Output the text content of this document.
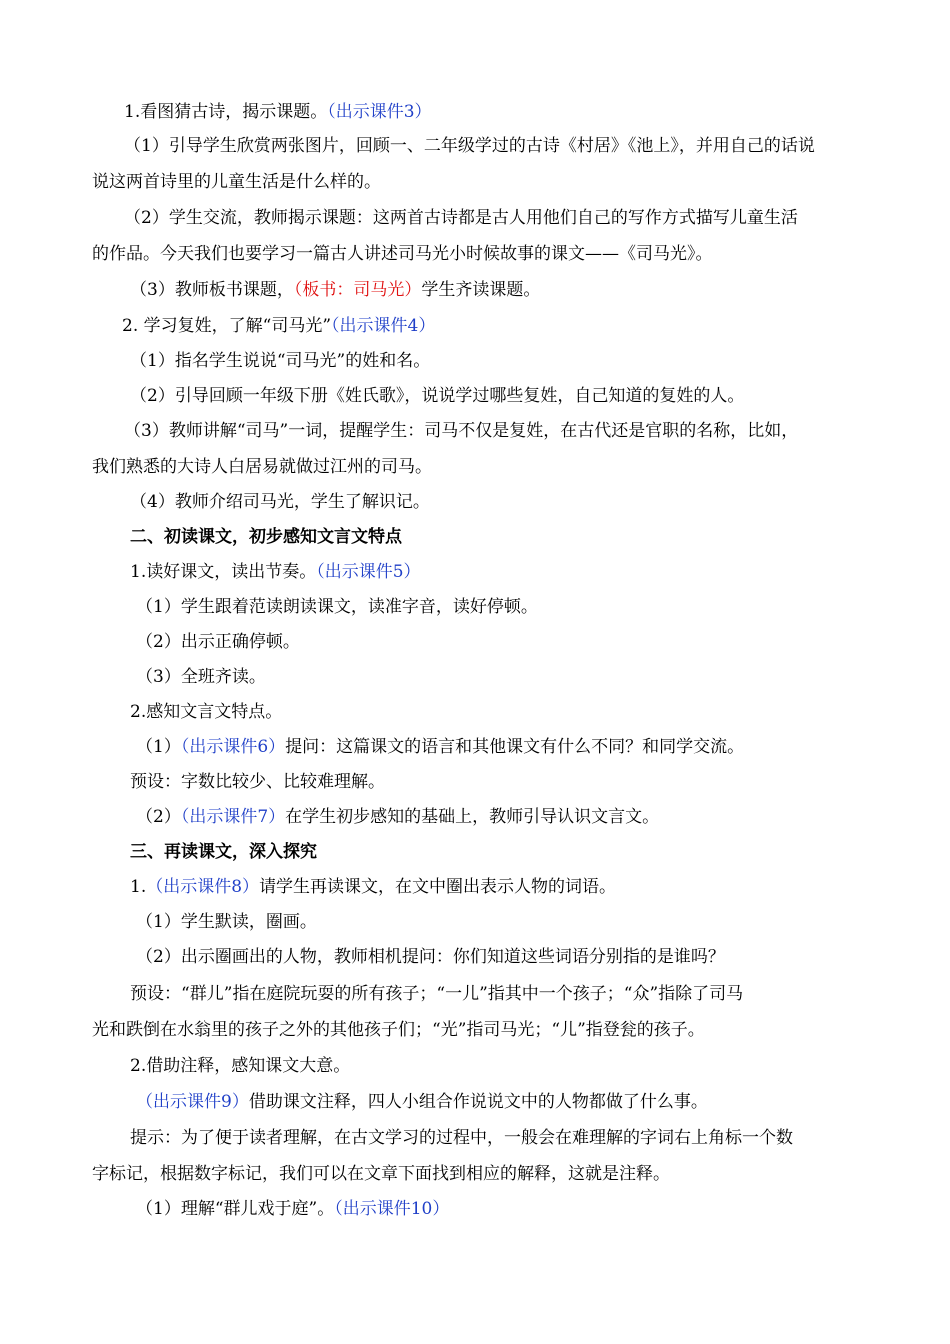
1.看图猜古诗，揭示课题。（出示课件3）
（1）引导学生欣赏两张图片，回顾一、二年级学过的古诗《村居》《池上》，并用自己的话说
说这两首诗里的儿童生活是什么样的。
（2）学生交流，教师揭示课题：这两首古诗都是古人用他们自己的写作方式描写儿童生活
的作品。今天我们也要学习一篇古人讲述司马光小时候故事的课文——《司马光》。
（3）教师板书课题，（板书：司马光）学生齐读课题。
2. 学习复姓，了解“司马光”（出示课件4）
（1）指名学生说说“司马光”的姓和名。
（2）引导回顾一年级下册《姓氏歌》，说说学过哪些复姓，自己知道的复姓的人。
（3）教师讲解“司马”一词，提醒学生：司马不仅是复姓，在古代还是官职的名称，比如，
我们熟悉的大诗人白居易就做过江州的司马。
（4）教师介绍司马光，学生了解识记。
二、初读课文，初步感知文言文特点
1.读好课文，读出节奏。（出示课件5）
（1）学生跟着范读朗读课文，读准字音，读好停顿。
（2）出示正确停顿。
（3）全班齐读。
2.感知文言文特点。
（1）（出示课件6）提问：这篇课文的语言和其他课文有什么不同？和同学交流。
预设：字数比较少、比较难理解。
（2）（出示课件7）在学生初步感知的基础上，教师引导认识文言文。
三、再读课文，深入探究
1.（出示课件8）请学生再读课文，在文中圈出表示人物的词语。
（1）学生默读，圈画。
（2）出示圈画出的人物，教师相机提问：你们知道这些词语分别指的是谁吗？
预设：“群儿”指在庭院玩耍的所有孩子；“一儿”指其中一个孩子；“众”指除了司马
光和跌倒在水翁里的孩子之外的其他孩子们；“光”指司马光；“儿”指登瓮的孩子。
2.借助注释，感知课文大意。
（出示课件9）借助课文注释，四人小组合作说说文中的人物都做了什么事。
提示：为了便于读者理解，在古文学习的过程中，一般会在难理解的字词右上角标一个数
字标记，根据数字标记，我们可以在文章下面找到相应的解释，这就是注释。
（1）理解“群儿戏于庭”。（出示课件10）
